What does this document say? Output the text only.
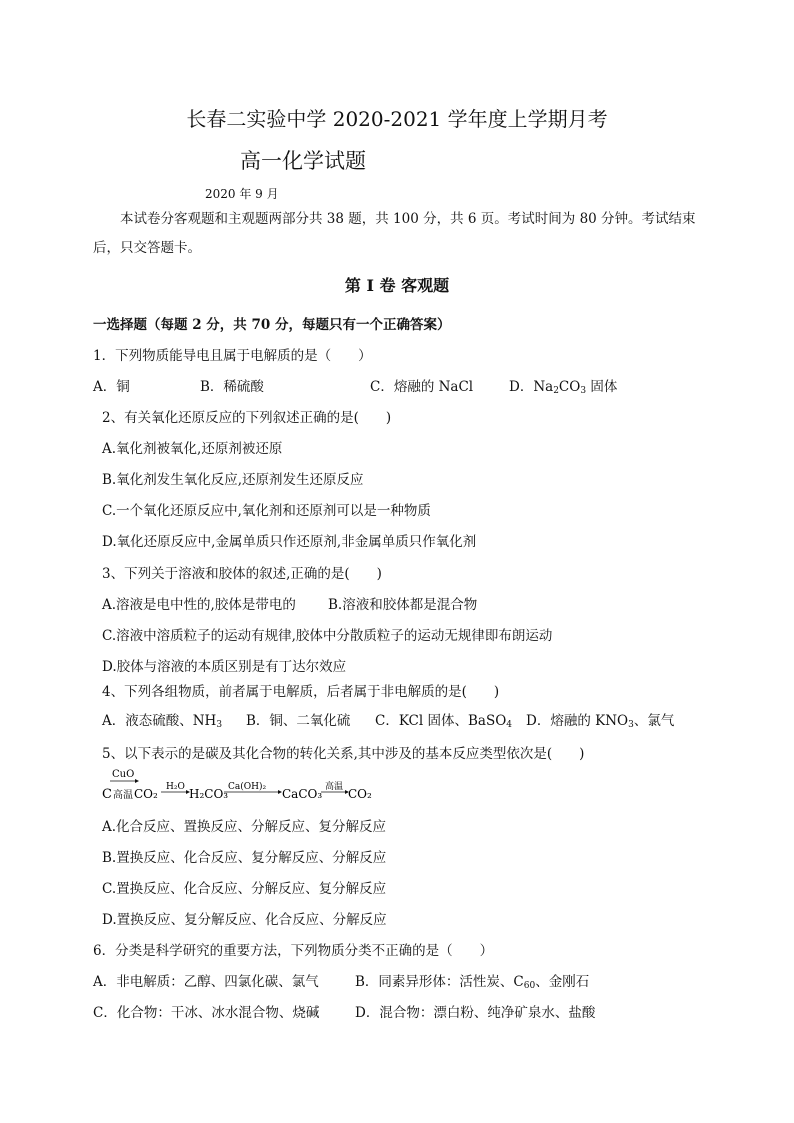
长春二实验中学 2020-2021 学年度上学期月考
高一化学试题
2020 年 9 月
本试卷分客观题和主观题两部分共 38 题，共 100 分，共 6 页。考试时间为 80 分钟。考试结束
后，只交答题卡。
第 Ⅰ 卷 客观题
一选择题（每题 2 分，共 70 分，每题只有一个正确答案）
1．下列物质能导电且属于电解质的是（　　）
A．铜	B．稀硫酸	C．熔融的 NaCl	D．$Na_2CO_3$ 固体
2、有关氧化还原反应的下列叙述正确的是(　　)
A.氧化剂被氧化,还原剂被还原
B.氧化剂发生氧化反应,还原剂发生还原反应
C.一个氧化还原反应中,氧化剂和还原剂可以是一种物质
D.氧化还原反应中,金属单质只作还原剂,非金属单质只作氧化剂
3、下列关于溶液和胶体的叙述,正确的是(　　)
A.溶液是电中性的,胶体是带电的 B.溶液和胶体都是混合物
C.溶液中溶质粒子的运动有规律,胶体中分散质粒子的运动无规律即布朗运动
D.胶体与溶液的本质区别是有丁达尔效应
4、下列各组物质，前者属于电解质，后者属于非电解质的是(　　)
A．液态硫酸、$NH_3$ B．铜、二氧化硫 C．KCl 固体、BaSO$_4$ D．熔融的 $KNO_3$、氯气
5、以下表示的是碳及其化合物的转化关系,其中涉及的基本反应类型依次是(　　)
C
CuO
高温 CO₂ H₂O H₂CO₃ Ca(OH)₂ CaCO₃ 高温 CO₂
A.化合反应、置换反应、分解反应、复分解反应
B.置换反应、化合反应、复分解反应、分解反应
C.置换反应、化合反应、分解反应、复分解反应
D.置换反应、复分解反应、化合反应、分解反应
6．分类是科学研究的重要方法，下列物质分类不正确的是（　　）
A．非电解质：乙醇、四氯化碳、氯气	B．同素异形体：活性炭、$C_{60}$、金刚石
C．化合物：干冰、冰水混合物、烧碱	D．混合物：漂白粉、纯净矿泉水、盐酸
